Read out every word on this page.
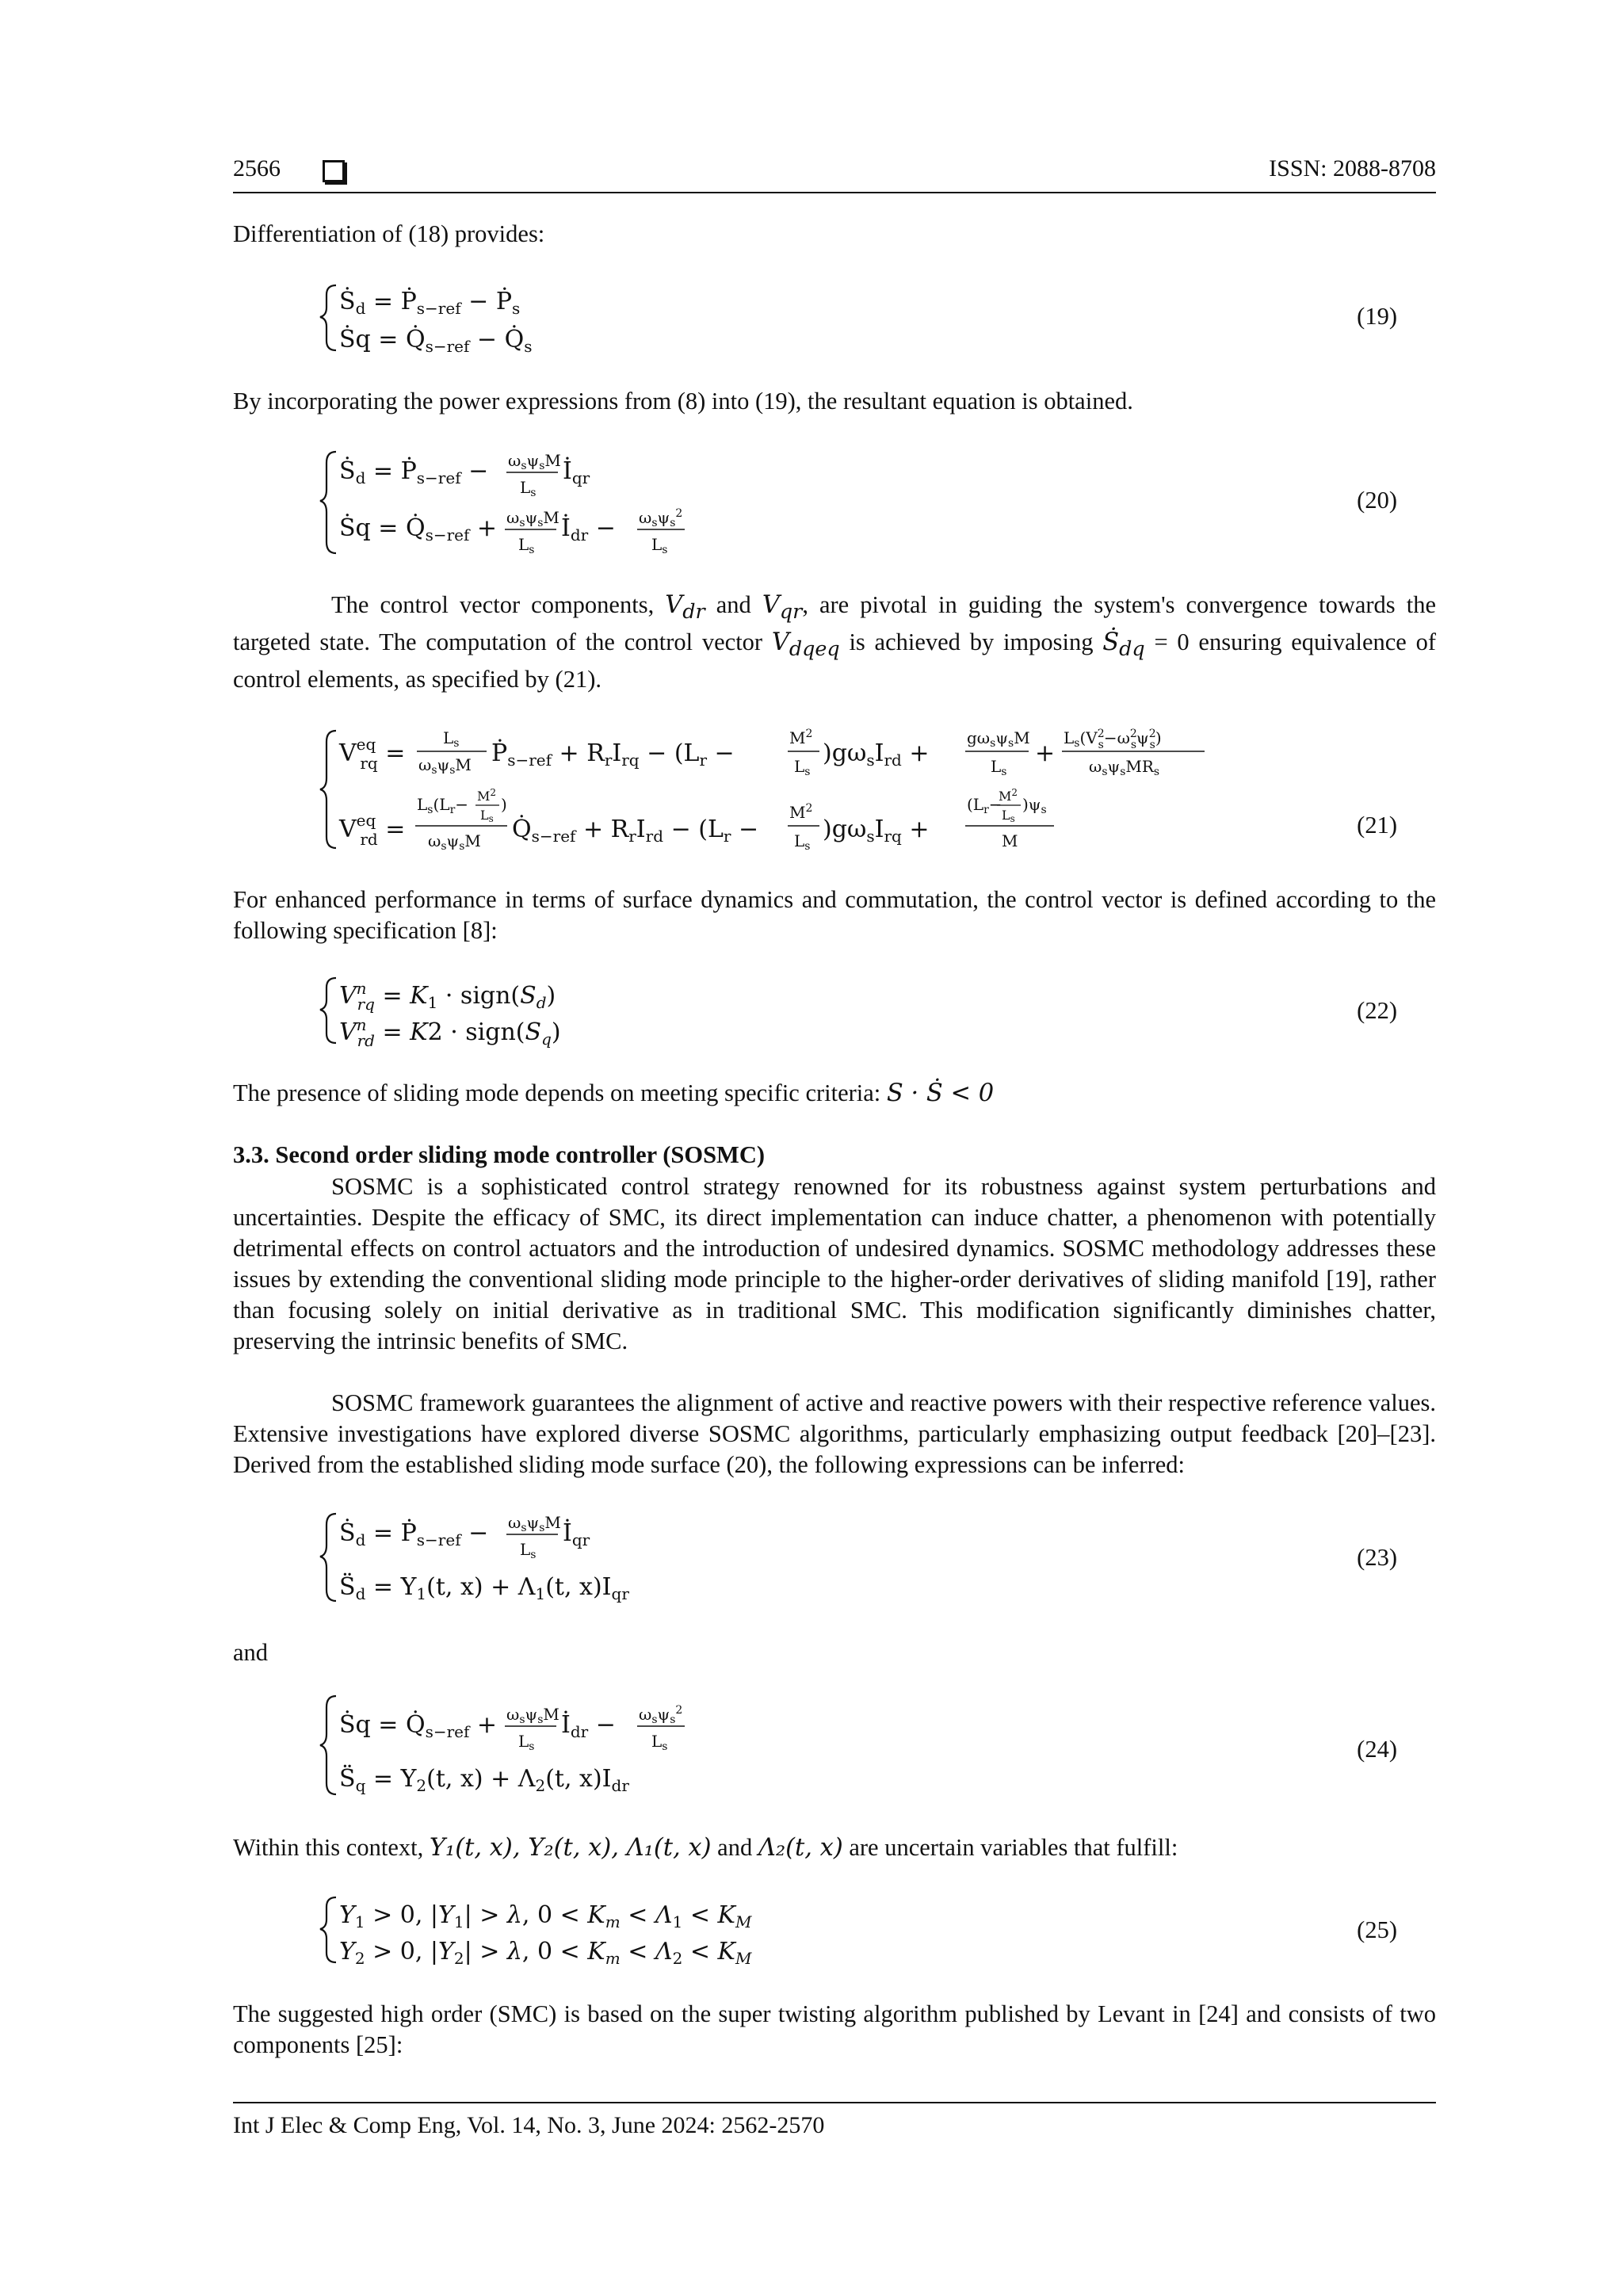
2566	ISSN: 2088-8708

Differentiation of (18) provides:

Ṡ$_d$ = Ṗ$_{s-ref}$ − Ṗ$_s$
Ṡq = $Q̇_{s-ref}$ − $Q̇_s$
(19)

By incorporating the power expressions from (8) into (19), the resultant equation is obtained.

Ṡ$_d$ = Ṗ$_{s-ref}$ − $\omega_s\psi_sM$
$L_s$
$İ_{qr}$
Ṡq = $Q̇_{s-ref} + \omega_s\psi_sM$
$L_s$
$İ_{dr} - \omega_s\psi_s^2$
$L_s$
(20)

The control vector components, $V_{dr}$ and $V_{qr}$, are pivotal in guiding the system's convergence towards the targeted state. The computation of the control vector $V_{dqeq}$ is achieved by imposing Ṡ$_{dq}$ = 0 ensuring equivalence of control elements, as specified by (21).

$V^{eq}$ rq =
$L_s$
$\omega_s\psi_sM$ Ṗ$_{s-ref}$ + $R_rI_{rq} - (L_r$ −
$M^2$
$L_s$
)$g\omega_sI_{rd}$ +
$g\omega_s\psi_sM$
$L_s$
+
$L_s(V^2$ $s-\omega^2$ $s\psi^2$ s)
$\omega_s\psi_sMR_s$
$V^{eq}$ rd =
$L_s(L_r- M^2$
Ls
)
$\omega_s\psi_sM$ $Q̇_{s-ref} + R_rI_{rd} - (L_r$ −
$M^2$
$L_s$
)$g\omega_sI_{rq}$ +
($L_r-$
$M^2$
Ls
)$\psi_s$
M
(21)

For enhanced performance in terms of surface dynamics and commutation, the control vector is defined according to the following specification [8]:

$V^n$ rq = $K_1$ · $sign(S_d)$
$V^n$ rd = $K2 \cdot sign(S_q)$
(22)

The presence of sliding mode depends on meeting specific criteria: S · Ṡ < 0

3.3. Second order sliding mode controller (SOSMC)

SOSMC is a sophisticated control strategy renowned for its robustness against system perturbations and uncertainties. Despite the efficacy of SMC, its direct implementation can induce chatter, a phenomenon with potentially detrimental effects on control actuators and the introduction of undesired dynamics. SOSMC methodology addresses these issues by extending the conventional sliding mode principle to the higher-order derivatives of sliding manifold [19], rather than focusing solely on initial derivative as in traditional SMC. This modification significantly diminishes chatter, preserving the intrinsic benefits of SMC.

SOSMC framework guarantees the alignment of active and reactive powers with their respective reference values. Extensive investigations have explored diverse SOSMC algorithms, particularly emphasizing output feedback [20]–[23]. Derived from the established sliding mode surface (20), the following expressions can be inferred:

Ṡ$_d$ = Ṗ$_{s-ref}$ − $\omega_s\psi_sM$
$L_s$
$İ_{qr}$
$S̈_d = \Upsilon_1(t$, $x) + \Lambda_1(t$, $x)I_{qr}$
(23)

and

Ṡq = $Q̇_{s-ref} + \omega_s\psi_sM$
$L_s$
$İ_{dr} - \omega_s\psi_s^2$
$L_s$
$S̈_q = \Upsilon_2(t$, $x) + \Lambda_2(t$, $x)I_{dr}$
(24)

Within this context, Υ₁(t, x), Υ₂(t, x), Λ₁(t, x) and Λ₂(t, x) are uncertain variables that fulfill:

$\Upsilon_1 > 0$, $|\Upsilon_1| > \lambda$, $0 < K_m < \Lambda_1 < K_M$
$\Upsilon_2 > 0$, $|\Upsilon_2| > \lambda$, $0 < K_m < \Lambda_2 < K_M$
(25)

The suggested high order (SMC) is based on the super twisting algorithm published by Levant in [24] and consists of two components [25]:

Int J Elec & Comp Eng, Vol. 14, No. 3, June 2024: 2562-2570
